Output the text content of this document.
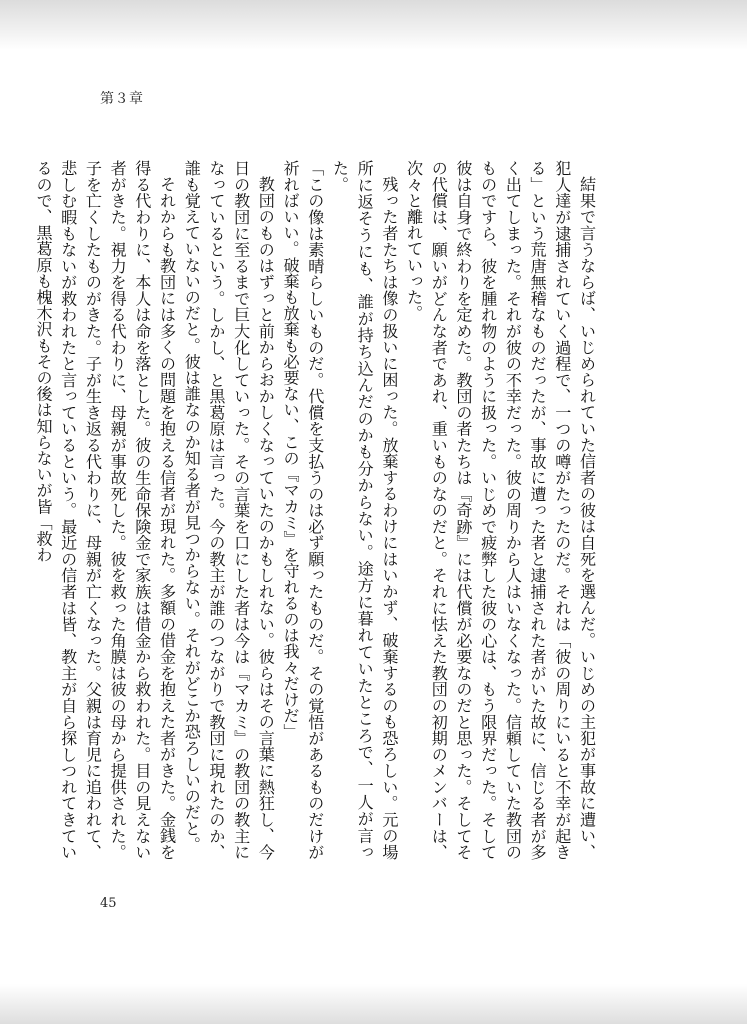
第３章

結果で言うならば、いじめられていた信者の彼は自死を選んだ。いじめの主犯が事故に遭い、犯人達が逮捕されていく過程で、一つの噂がたったのだ。それは「彼の周りにいると不幸が起きる」という荒唐無稽なものだったが、事故に遭った者と逮捕された者がいた故に、信じる者が多く出てしまった。それが彼の不幸だった。彼の周りから人はいなくなった。信頼していた教団のものですら、彼を腫れ物のように扱った。いじめで疲弊した彼の心は、もう限界だった。そして彼は自身で終わりを定めた。教団の者たちは『奇跡』には代償が必要なのだと思った。そしてその代償は、願いがどんな者であれ、重いものなのだと。それに怯えた教団の初期のメンバーは、次々と離れていった。

残った者たちは像の扱いに困った。放棄するわけにはいかず、破棄するのも恐ろしい。元の場所に返そうにも、誰が持ち込んだのかも分からない。途方に暮れていたところで、一人が言った。

「この像は素晴らしいものだ。代償を支払うのは必ず願ったものだ。その覚悟があるものだけが祈ればいい。破棄も放棄も必要ない、この『マカミ』を守れるのは我々だけだ」

教団のものはずっと前からおかしくなっていたのかもしれない。彼らはその言葉に熱狂し、今日の教団に至るまで巨大化していった。その言葉を口にした者は今は『マカミ』の教団の教主になっているという。しかし、と黒葛原は言った。今の教主が誰のつながりで教団に現れたのか、誰も覚えていないのだと。彼は誰なのか知る者が見つからない。それがどこか恐ろしいのだと。

それからも教団には多くの問題を抱える信者が現れた。多額の借金を抱えた者がきた。金銭を得る代わりに、本人は命を落とした。彼の生命保険金で家族は借金から救われた。目の見えない者がきた。視力を得る代わりに、母親が事故死した。彼を救った角膜は彼の母から提供された。子を亡くしたものがきた。子が生き返る代わりに、母親が亡くなった。父親は育児に追われて、悲しむ暇もないが救われたと言っているという。最近の信者は皆、教主が自ら探しつれてきているので、黒葛原も槐木沢もその後は知らないが皆「救わ

45
